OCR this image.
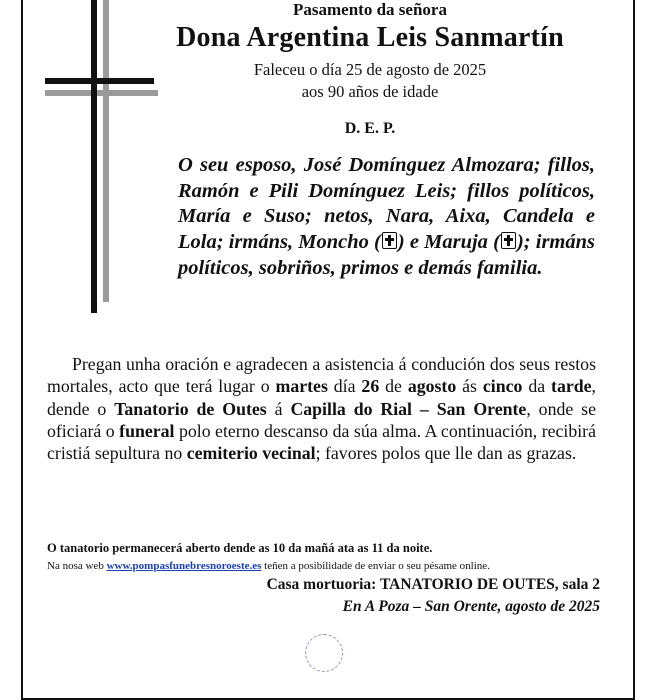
Pasamento da señora
Dona Argentina Leis Sanmartín
Faleceu o día 25 de agosto de 2025
aos 90 años de idade
D. E. P.
O seu esposo, José Domínguez Almozara; fillos, Ramón e Pili Domínguez Leis; fillos políticos, María e Suso; netos, Nara, Aixa, Candela e Lola; irmáns, Moncho ( ) e Maruja ( ); irmáns políticos, sobriños, primos e demás familia.
Pregan unha oración e agradecen a asistencia á condución dos seus restos mortales, acto que terá lugar o martes día 26 de agosto ás cinco da tarde, dende o Tanatorio de Outes á Capilla do Rial – San Orente, onde se oficiará o funeral polo eterno descanso da súa alma. A continuación, recibirá cristiá sepultura no cemiterio vecinal; favores polos que lle dan as grazas.
O tanatorio permanecerá aberto dende as 10 da mañá ata as 11 da noite.
Na nosa web www.pompasfunebresnoroeste.es teñen a posibilidade de enviar o seu pésame online.
Casa mortuoria: TANATORIO DE OUTES, sala 2
En A Poza – San Orente, agosto de 2025
